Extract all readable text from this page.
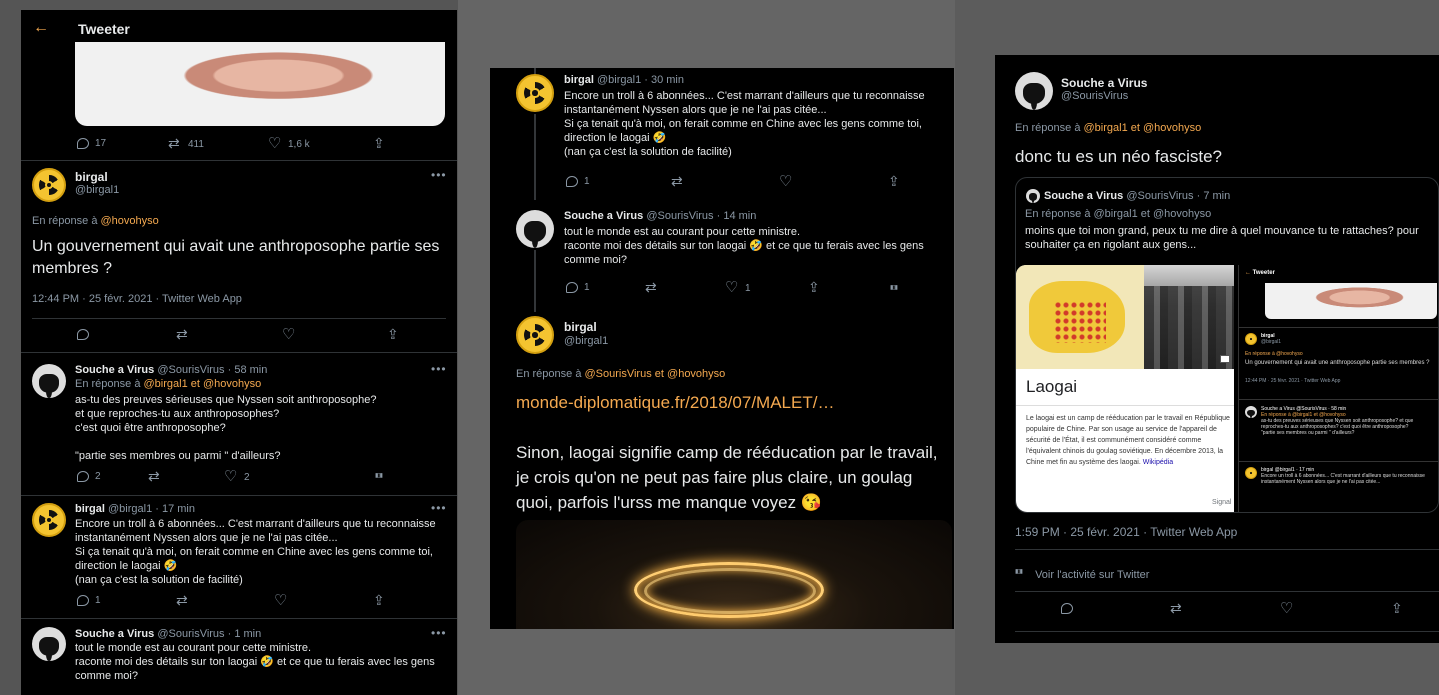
← Tweeter
17 ⇄	411 ♡	1,6 k
⇪
birgal
@birgal1
•••
En réponse à @hovohyso
Un gouvernement qui avait une anthroposophe partie ses membres ?
12:44 PM · 25 févr. 2021 · Twitter Web App
⇄
♡
⇪
Souche a Virus @SourisVirus · 58 min	•••
En réponse à @birgal1 et @hovohyso
as-tu des preuves sérieuses que Nyssen soit anthroposophe?
et que reproches-tu aux anthroposophes?
c'est quoi être anthroposophe?
"partie ses membres ou parmi " d'ailleurs?
2 ⇄ ♡	2
▮▯▮
birgal @birgal1 · 17 min	•••
Encore un troll à 6 abonnées... C'est marrant d'ailleurs que tu reconnaisse
instantanément Nyssen alors que je ne l'ai pas citée...
Si ça tenait qu'à moi, on ferait comme en Chine avec les gens comme toi,
direction le laogai 🤣
(nan ça c'est la solution de facilité)
1
⇄
♡
⇪
Souche a Virus @SourisVirus · 1 min	•••
tout le monde est au courant pour cette ministre.
raconte moi des détails sur ton laogai 🤣 et ce que tu ferais avec les gens
comme moi?
birgal @birgal1 · 30 min
Encore un troll à 6 abonnées... C'est marrant d'ailleurs que tu reconnaisse
instantanément Nyssen alors que je ne l'ai pas citée...
Si ça tenait qu'à moi, on ferait comme en Chine avec les gens comme toi,
direction le laogai 🤣
(nan ça c'est la solution de facilité)
1
⇄
♡
⇪
Souche a Virus @SourisVirus · 14 min
tout le monde est au courant pour cette ministre.
raconte moi des détails sur ton laogai 🤣 et ce que tu ferais avec les gens
comme moi?
1 ⇄ ♡	1
⇪
▮▯▮
birgal
@birgal1
En réponse à @SourisVirus et @hovohyso
monde-diplomatique.fr/2018/07/MALET/…
Sinon, laogai signifie camp de rééducation par le travail, je crois qu'on ne peut pas faire plus claire, un goulag quoi, parfois l'urss me manque voyez 😘
Souche a Virus
@SourisVirus
En réponse à @birgal1 et @hovohyso
donc tu es un néo fasciste?
Souche a Virus @SourisVirus · 7 min
En réponse à @birgal1 et @hovohyso
moins que toi mon grand, peux tu me dire à quel mouvance tu te rattaches? pour souhaiter ça en rigolant aux gens...
Laogai
Le laogai est un camp de rééducation par le travail en République populaire de Chine. Par son usage au service de l'appareil de sécurité de l'État, il est communément considéré comme l'équivalent chinois du goulag soviétique. En décembre 2013, la Chine met fin au système des laogai. Wikipédia
Signal
← Tweeter
birgal
@birgal1
En réponse à @hovohyso
Un gouvernement qui avait une anthroposophe partie ses membres ?
12:44 PM · 25 févr. 2021 · Twitter Web App
Souche a Virus @SourisVirus · 58 min
En réponse à @birgal1 et @hovohyso
as-tu des preuves sérieuses que Nyssen soit anthroposophe? et que reproches-tu aux anthroposophes? c'est quoi être anthroposophe?
"partie ses membres ou parmi " d'ailleurs?
birgal @birgal1 · 17 min
Encore un troll à 6 abonnées... C'est marrant d'ailleurs que tu reconnaisse instantanément Nyssen alors que je ne l'ai pas citée...
1:59 PM · 25 févr. 2021 · Twitter Web App
▮▯▮ Voir l'activité sur Twitter
⇄
♡
⇪
